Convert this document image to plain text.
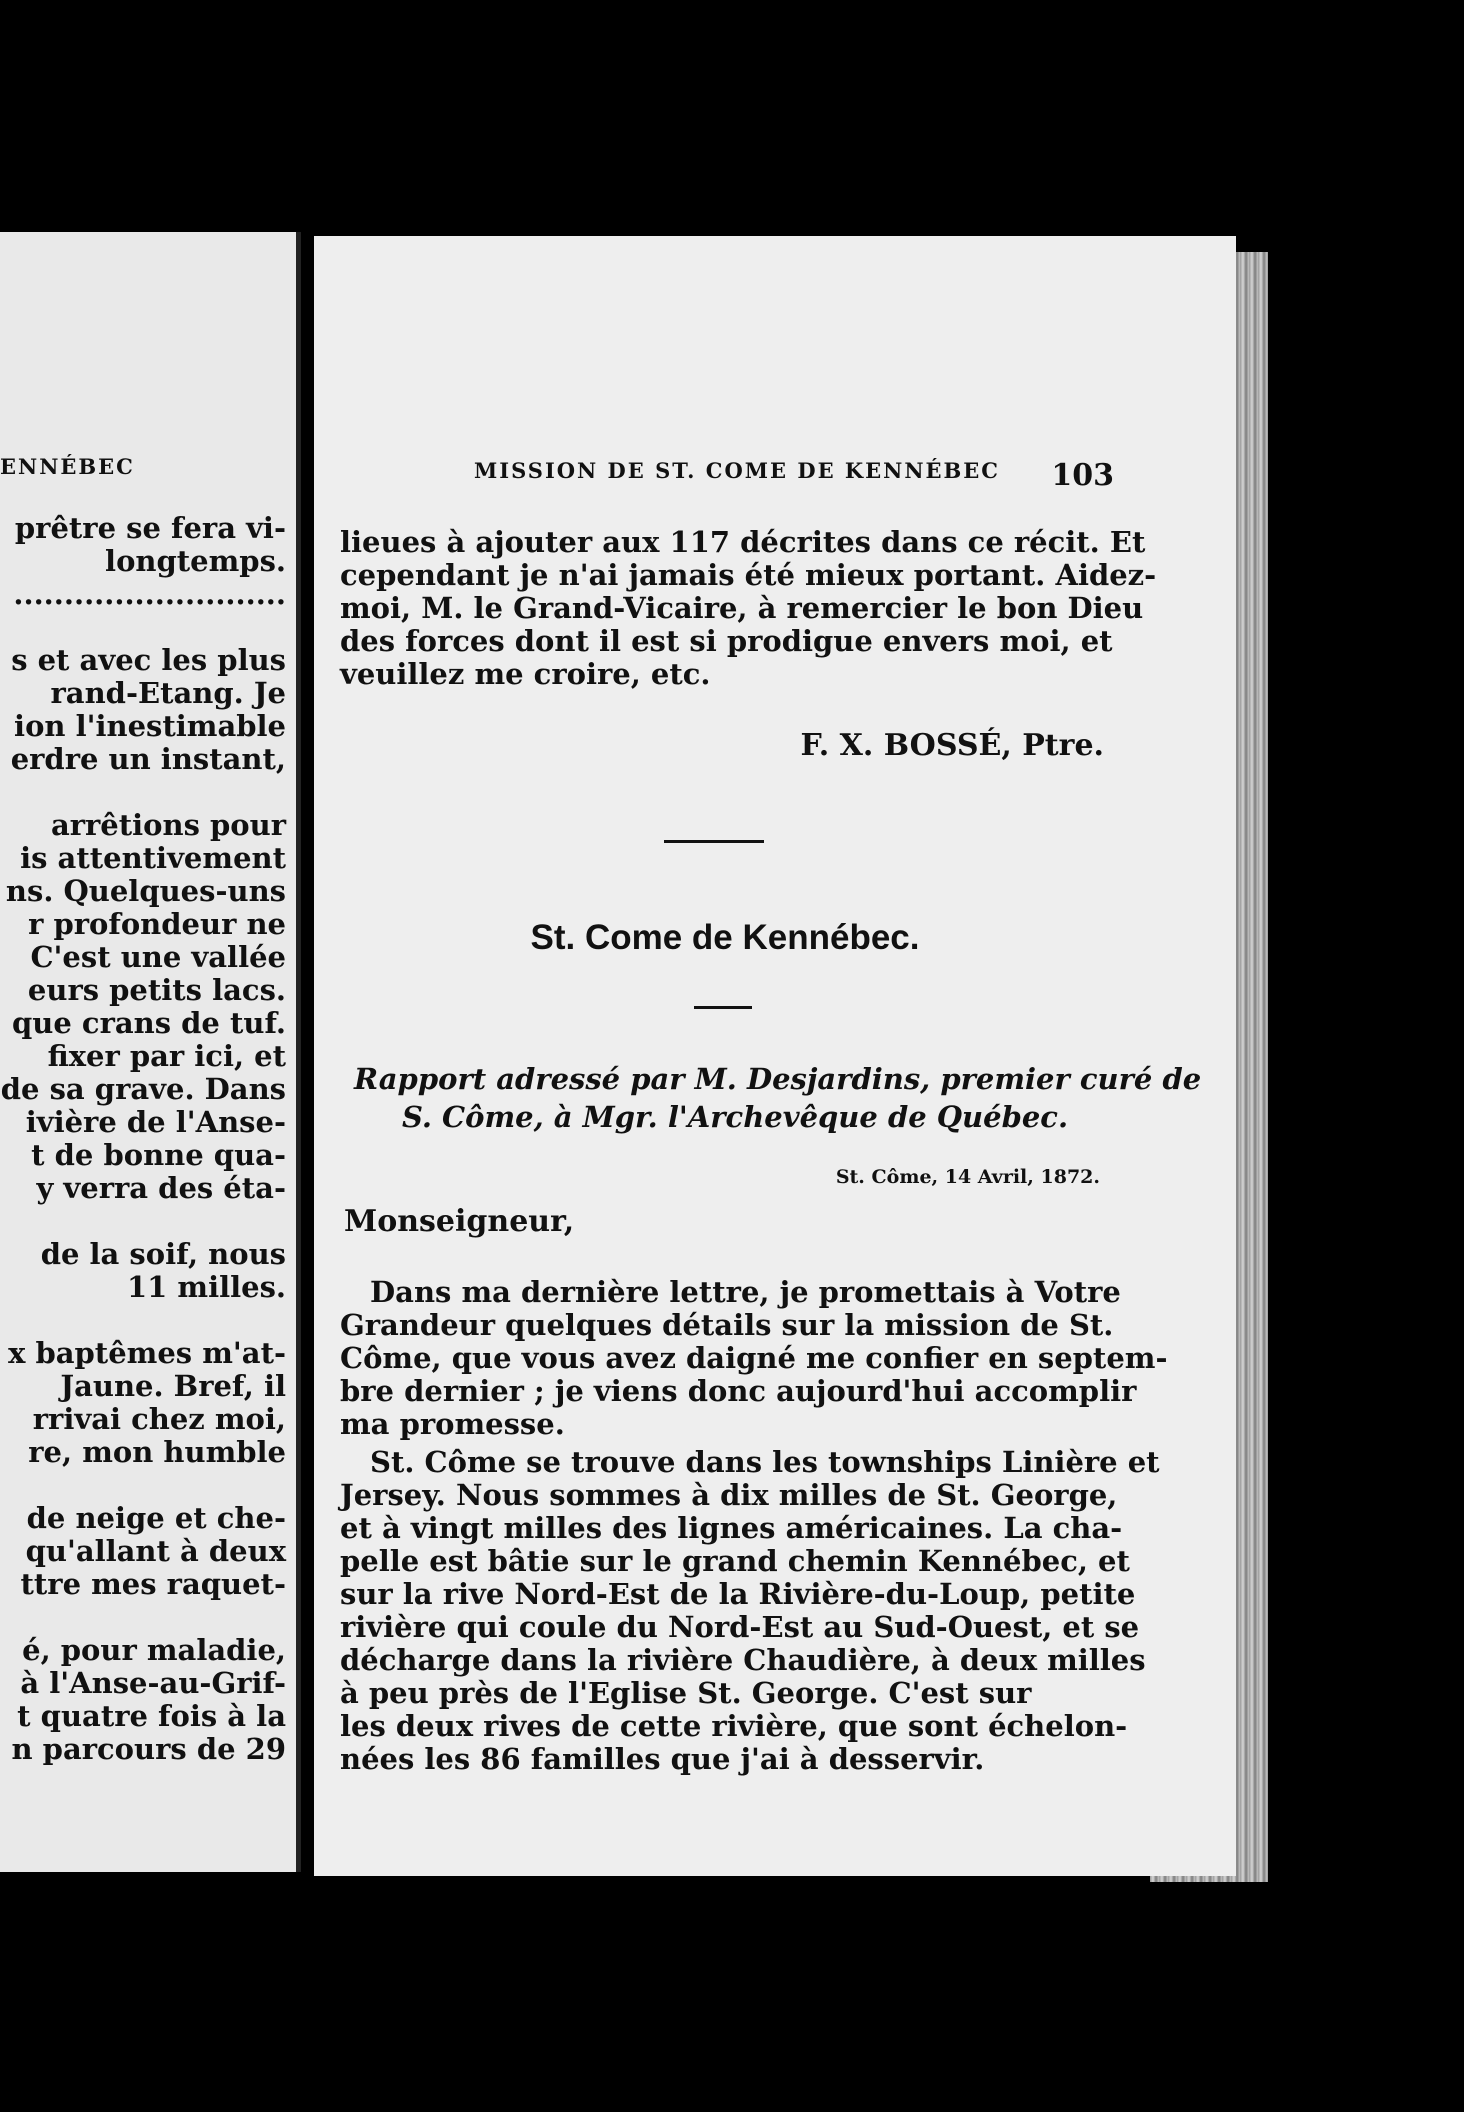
ENNÉBEC
prêtre se fera vi-
longtemps.
...........................

s et avec les plus
rand-Etang. Je
ion l'inestimable
erdre un instant,

arrêtions pour
is attentivement
ns. Quelques-uns
r profondeur ne
C'est une vallée
eurs petits lacs.
que crans de tuf.
fixer par ici, et
de sa grave. Dans
ivière de l'Anse-
t de bonne qua-
y verra des éta-

de la soif, nous
11 milles.

x baptêmes m'at-
Jaune. Bref, il
rrivai chez moi,
re, mon humble

de neige et che-
qu'allant à deux
ttre mes raquet-

é, pour maladie,
à l'Anse-au-Grif-
t quatre fois à la
n parcours de 29
MISSION DE ST. COME DE KENNÉBEC 103
lieues à ajouter aux 117 décrites dans ce récit. Et
cependant je n'ai jamais été mieux portant. Aidez-
moi, M. le Grand-Vicaire, à remercier le bon Dieu
des forces dont il est si prodigue envers moi, et
veuillez me croire, etc.
F. X. BOSSÉ, Ptre.
St. Come de Kennébec.
Rapport adressé par M. Desjardins, premier curé de
S. Côme, à Mgr. l'Archevêque de Québec.
St. Côme, 14 Avril, 1872.
Monseigneur,
Dans ma dernière lettre, je promettais à Votre
Grandeur quelques détails sur la mission de St.
Côme, que vous avez daigné me confier en septem-
bre dernier ; je viens donc aujourd'hui accomplir
ma promesse.
St. Côme se trouve dans les townships Linière et
Jersey. Nous sommes à dix milles de St. George,
et à vingt milles des lignes américaines. La cha-
pelle est bâtie sur le grand chemin Kennébec, et
sur la rive Nord-Est de la Rivière-du-Loup, petite
rivière qui coule du Nord-Est au Sud-Ouest, et se
décharge dans la rivière Chaudière, à deux milles
à peu près de l'Eglise St. George. C'est sur
les deux rives de cette rivière, que sont échelon-
nées les 86 familles que j'ai à desservir.
